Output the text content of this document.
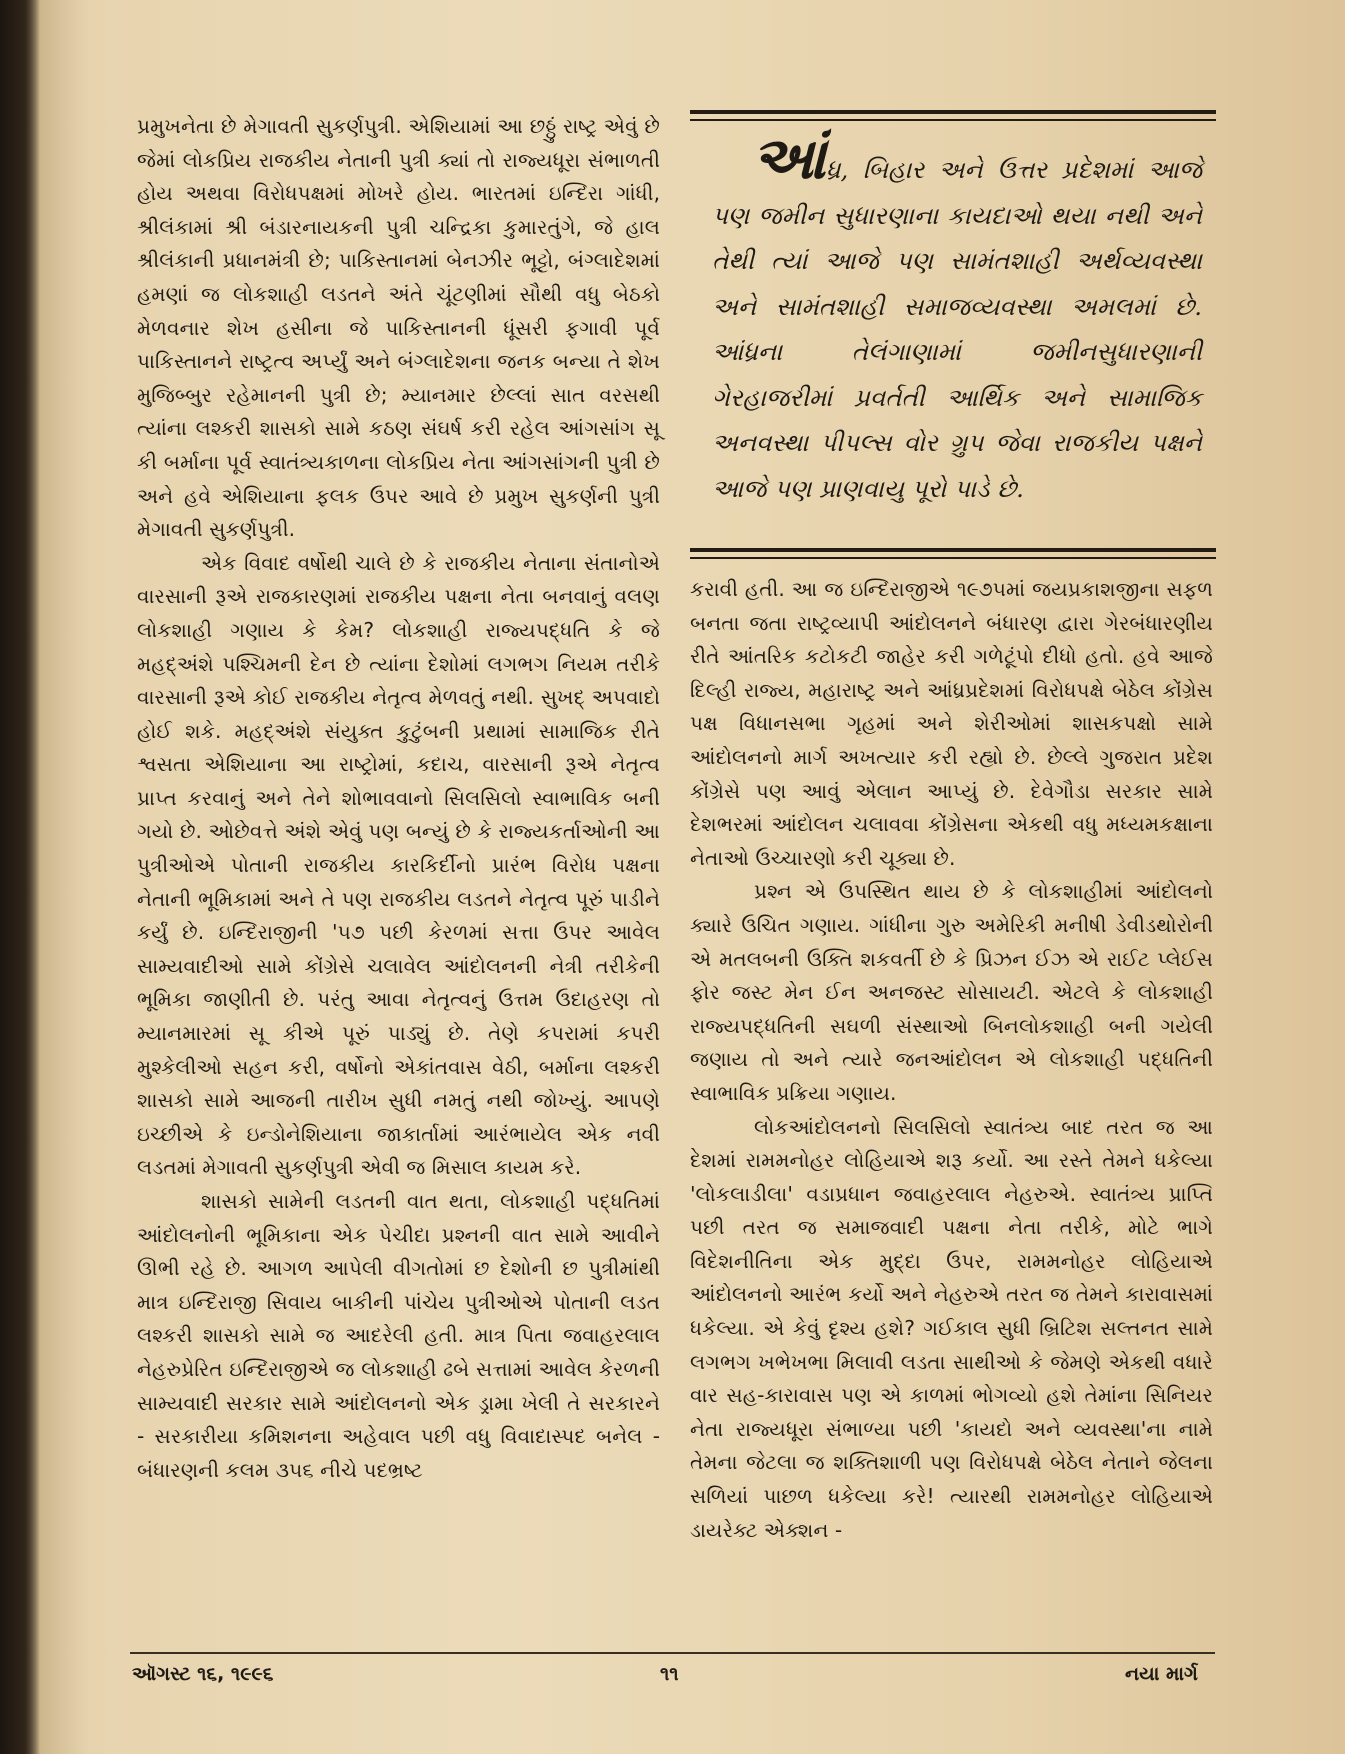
પ્રમુખનેતા છે મેગાવતી સુકર્ણપુત્રી. એશિયામાં આ છઠ્ઠું રાષ્ટ્ર એવું છે જેમાં લોકપ્રિય રાજકીય નેતાની પુત્રી ક્યાં તો રાજ્યધૂરા સંભાળતી હોય અથવા વિરોધપક્ષમાં મોખરે હોય. ભારતમાં ઇન્દિરા ગાંધી, શ્રીલંકામાં શ્રી બંડારનાયકની પુત્રી ચન્દ્રિકા કુમારતુંગે, જે હાલ શ્રીલંકાની પ્રધાનમંત્રી છે; પાકિસ્તાનમાં બેનઝીર ભૂટ્ટો, બંગ્લાદેશમાં હમણાં જ લોકશાહી લડતને અંતે ચૂંટણીમાં સૌથી વધુ બેઠકો મેળવનાર શેખ હસીના જે પાકિસ્તાનની ધૂંસરી ફગાવી પૂર્વ પાકિસ્તાનને રાષ્ટ્રત્વ અર્પ્યું અને બંગ્લાદેશના જનક બન્યા તે શેખ મુજિબ્બુર રહેમાનની પુત્રી છે; મ્યાનમાર છેલ્લાં સાત વરસથી ત્યાંના લશ્કરી શાસકો સામે કઠણ સંઘર્ષ કરી રહેલ આંગસાંગ સૂ કી બર્માના પૂર્વ સ્વાતંત્ર્યકાળના લોકપ્રિય નેતા આંગસાંગની પુત્રી છે અને હવે એશિયાના ફલક ઉપર આવે છે પ્રમુખ સુકર્ણની પુત્રી મેગાવતી સુકર્ણપુત્રી.

એક વિવાદ વર્ષોથી ચાલે છે કે રાજકીય નેતાના સંતાનોએ વારસાની રૂએ રાજકારણમાં રાજકીય પક્ષના નેતા બનવાનું વલણ લોકશાહી ગણાય કે કેમ? લોકશાહી રાજ્યપદ્ધતિ કે જે મહદ્અંશે પશ્ચિમની દેન છે ત્યાંના દેશોમાં લગભગ નિયમ તરીકે વારસાની રૂએ કોઈ રાજકીય નેતૃત્વ મેળવતું નથી. સુખદ્ અપવાદો હોઈ શકે. મહદ્અંશે સંયુક્ત કુટુંબની પ્રથામાં સામાજિક રીતે શ્વસતા એશિયાના આ રાષ્ટ્રોમાં, કદાચ, વારસાની રૂએ નેતૃત્વ પ્રાપ્ત કરવાનું અને તેને શોભાવવાનો સિલસિલો સ્વાભાવિક બની ગયો છે. ઓછેવત્તે અંશે એવું પણ બન્યું છે કે રાજ્યકર્તાઓની આ પુત્રીઓએ પોતાની રાજકીય કારકિર્દીનો પ્રારંભ વિરોધ પક્ષના નેતાની ભૂમિકામાં અને તે પણ રાજકીય લડતને નેતૃત્વ પૂરું પાડીને કર્યું છે. ઇન્દિરાજીની '૫૭ પછી કેરળમાં સત્તા ઉપર આવેલ સામ્યવાદીઓ સામે કોંગ્રેસે ચલાવેલ આંદોલનની નેત્રી તરીકેની ભૂમિકા જાણીતી છે. પરંતુ આવા નેતૃત્વનું ઉત્તમ ઉદાહરણ તો મ્યાનમારમાં સૂ કીએ પૂરું પાડ્યું છે. તેણે કપરામાં કપરી મુશ્કેલીઓ સહન કરી, વર્ષોનો એકાંતવાસ વેઠી, બર્માના લશ્કરી શાસકો સામે આજની તારીખ સુધી નમતું નથી જોખ્યું. આપણે ઇચ્છીએ કે ઇન્ડોનેશિયાના જાકાર્તામાં આરંભાયેલ એક નવી લડતમાં મેગાવતી સુકર્ણપુત્રી એવી જ મિસાલ કાયમ કરે.

શાસકો સામેની લડતની વાત થતા, લોકશાહી પદ્ધતિમાં આંદોલનોની ભૂમિકાના એક પેચીદા પ્રશ્નની વાત સામે આવીને ઊભી રહે છે. આગળ આપેલી વીગતોમાં છ દેશોની છ પુત્રીમાંથી માત્ર ઇન્દિરાજી સિવાય બાકીની પાંચેય પુત્રીઓએ પોતાની લડત લશ્કરી શાસકો સામે જ આદરેલી હતી. માત્ર પિતા જવાહરલાલ નેહરુપ્રેરિત ઇન્દિરાજીએ જ લોકશાહી ઢબે સત્તામાં આવેલ કેરળની સામ્યવાદી સરકાર સામે આંદોલનનો એક ડ્રામા ખેલી તે સરકારને - સરકારીયા કમિશનના અહેવાલ પછી વધુ વિવાદાસ્પદ બનેલ - બંધારણની કલમ ૩૫૬ નીચે પદભ્રષ્ટ

આંધ્ર, બિહાર અને ઉત્તર પ્રદેશમાં આજે પણ જમીન સુધારણાના કાયદાઓ થયા નથી અને તેથી ત્યાં આજે પણ સામંતશાહી અર્થવ્યવસ્થા અને સામંતશાહી સમાજવ્યવસ્થા અમલમાં છે. આંધ્રના તેલંગાણામાં જમીનસુધારણાની ગેરહાજરીમાં પ્રવર્તતી આર્થિક અને સામાજિક અનવસ્થા પીપલ્સ વોર ગ્રુપ જેવા રાજકીય પક્ષને આજે પણ પ્રાણવાયુ પૂરો પાડે છે.

કરાવી હતી. આ જ ઇન્દિરાજીએ ૧૯૭૫માં જયપ્રકાશજીના સફળ બનતા જતા રાષ્ટ્રવ્યાપી આંદોલનને બંધારણ દ્વારા ગેરબંધારણીય રીતે આંતરિક કટોકટી જાહેર કરી ગળેટૂંપો દીધો હતો. હવે આજે દિલ્હી રાજ્ય, મહારાષ્ટ્ર અને આંધ્રપ્રદેશમાં વિરોધપક્ષે બેઠેલ કોંગ્રેસ પક્ષ વિધાનસભા ગૃહમાં અને શેરીઓમાં શાસકપક્ષો સામે આંદોલનનો માર્ગ અખત્યાર કરી રહ્યો છે. છેલ્લે ગુજરાત પ્રદેશ કોંગ્રેસે પણ આવું એલાન આપ્યું છે. દેવેગૌડા સરકાર સામે દેશભરમાં આંદોલન ચલાવવા કોંગ્રેસના એકથી વધુ મધ્યમકક્ષાના નેતાઓ ઉચ્ચારણો કરી ચૂક્યા છે.

પ્રશ્ન એ ઉપસ્થિત થાય છે કે લોકશાહીમાં આંદોલનો ક્યારે ઉચિત ગણાય. ગાંધીના ગુરુ અમેરિકી મનીષી ડેવીડથોરોની એ મતલબની ઉક્તિ શકવર્તી છે કે પ્રિઝન ઈઝ એ રાઈટ પ્લેઈસ ફોર જસ્ટ મેન ઈન અનજસ્ટ સોસાયટી. એટલે કે લોકશાહી રાજ્યપદ્ધતિની સઘળી સંસ્થાઓ બિનલોકશાહી બની ગયેલી જણાય તો અને ત્યારે જનઆંદોલન એ લોકશાહી પદ્ધતિની સ્વાભાવિક પ્રક્રિયા ગણાય.

લોકઆંદોલનનો સિલસિલો સ્વાતંત્ર્ય બાદ તરત જ આ દેશમાં રામમનોહર લોહિયાએ શરૂ કર્યો. આ રસ્તે તેમને ધકેલ્યા 'લોકલાડીલા' વડાપ્રધાન જવાહરલાલ નેહરુએ. સ્વાતંત્ર્ય પ્રાપ્તિ પછી તરત જ સમાજવાદી પક્ષના નેતા તરીકે, મોટે ભાગે વિદેશનીતિના એક મુદ્દા ઉપર, રામમનોહર લોહિયાએ આંદોલનનો આરંભ કર્યો અને નેહરુએ તરત જ તેમને કારાવાસમાં ધકેલ્યા. એ કેવું દૃશ્ય હશે? ગઈકાલ સુધી બ્રિટિશ સલ્તનત સામે લગભગ ખભેખભા મિલાવી લડતા સાથીઓ કે જેમણે એકથી વધારે વાર સહ-કારાવાસ પણ એ કાળમાં ભોગવ્યો હશે તેમાંના સિનિયર નેતા રાજ્યધૂરા સંભાળ્યા પછી 'કાયદો અને વ્યવસ્થા'ના નામે તેમના જેટલા જ શક્તિશાળી પણ વિરોધપક્ષે બેઠેલ નેતાને જેલના સળિયાં પાછળ ધકેલ્યા કરે! ત્યારથી રામમનોહર લોહિયાએ ડાયરેક્ટ એક્શન -

ઑગસ્ટ ૧૬, ૧૯૯૬	૧૧	નયા માર્ગ
